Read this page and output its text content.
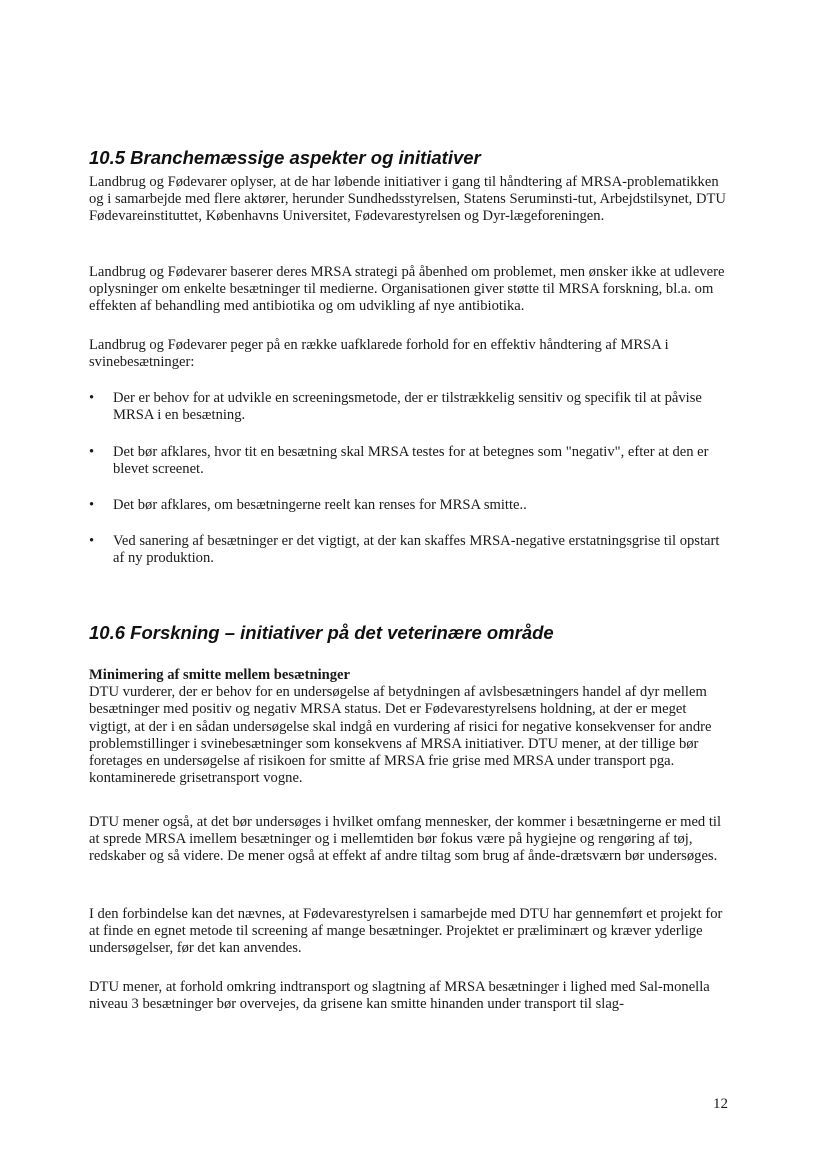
10.5 Branchemæssige aspekter og initiativer
Landbrug og Fødevarer oplyser, at de har løbende initiativer i gang til håndtering af MRSA-problematikken og i samarbejde med flere aktører, herunder Sundhedsstyrelsen, Statens Seruminsti-tut, Arbejdstilsynet, DTU Fødevareinstituttet, Københavns Universitet, Fødevarestyrelsen og Dyr-lægeforeningen.
Landbrug og Fødevarer baserer deres MRSA strategi på åbenhed om problemet, men ønsker ikke at udlevere oplysninger om enkelte besætninger til medierne. Organisationen giver støtte til MRSA forskning, bl.a. om effekten af behandling med antibiotika og om udvikling af nye antibiotika.
Landbrug og Fødevarer peger på en række uafklarede forhold for en effektiv håndtering af MRSA i svinebesætninger:
• Der er behov for at udvikle en screeningsmetode, der er tilstrækkelig sensitiv og specifik til at påvise MRSA i en besætning.
• Det bør afklares, hvor tit en besætning skal MRSA testes for at betegnes som "negativ", efter at den er blevet screenet.
• Det bør afklares, om besætningerne reelt kan renses for MRSA smitte..
• Ved sanering af besætninger er det vigtigt, at der kan skaffes MRSA-negative erstatningsgrise til opstart af ny produktion.
10.6 Forskning – initiativer på det veterinære område
Minimering af smitte mellem besætninger
DTU vurderer, der er behov for en undersøgelse af betydningen af avlsbesætningers handel af dyr mellem besætninger med positiv og negativ MRSA status. Det er Fødevarestyrelsens holdning, at der er meget vigtigt, at der i en sådan undersøgelse skal indgå en vurdering af risici for negative konsekvenser for andre problemstillinger i svinebesætninger som konsekvens af MRSA initiativer. DTU mener, at der tillige bør foretages en undersøgelse af risikoen for smitte af MRSA frie grise med MRSA under transport pga. kontaminerede grisetransport vogne.
DTU mener også, at det bør undersøges i hvilket omfang mennesker, der kommer i besætningerne er med til at sprede MRSA imellem besætninger og i mellemtiden bør fokus være på hygiejne og rengøring af tøj, redskaber og så videre. De mener også at effekt af andre tiltag som brug af ånde-drætsværn bør undersøges.
I den forbindelse kan det nævnes, at Fødevarestyrelsen i samarbejde med DTU har gennemført et projekt for at finde en egnet metode til screening af mange besætninger. Projektet er præliminært og kræver yderlige undersøgelser, før det kan anvendes.
DTU mener, at forhold omkring indtransport og slagtning af MRSA besætninger i lighed med Sal-monella niveau 3 besætninger bør overvejes, da grisene kan smitte hinanden under transport til slag-
12
